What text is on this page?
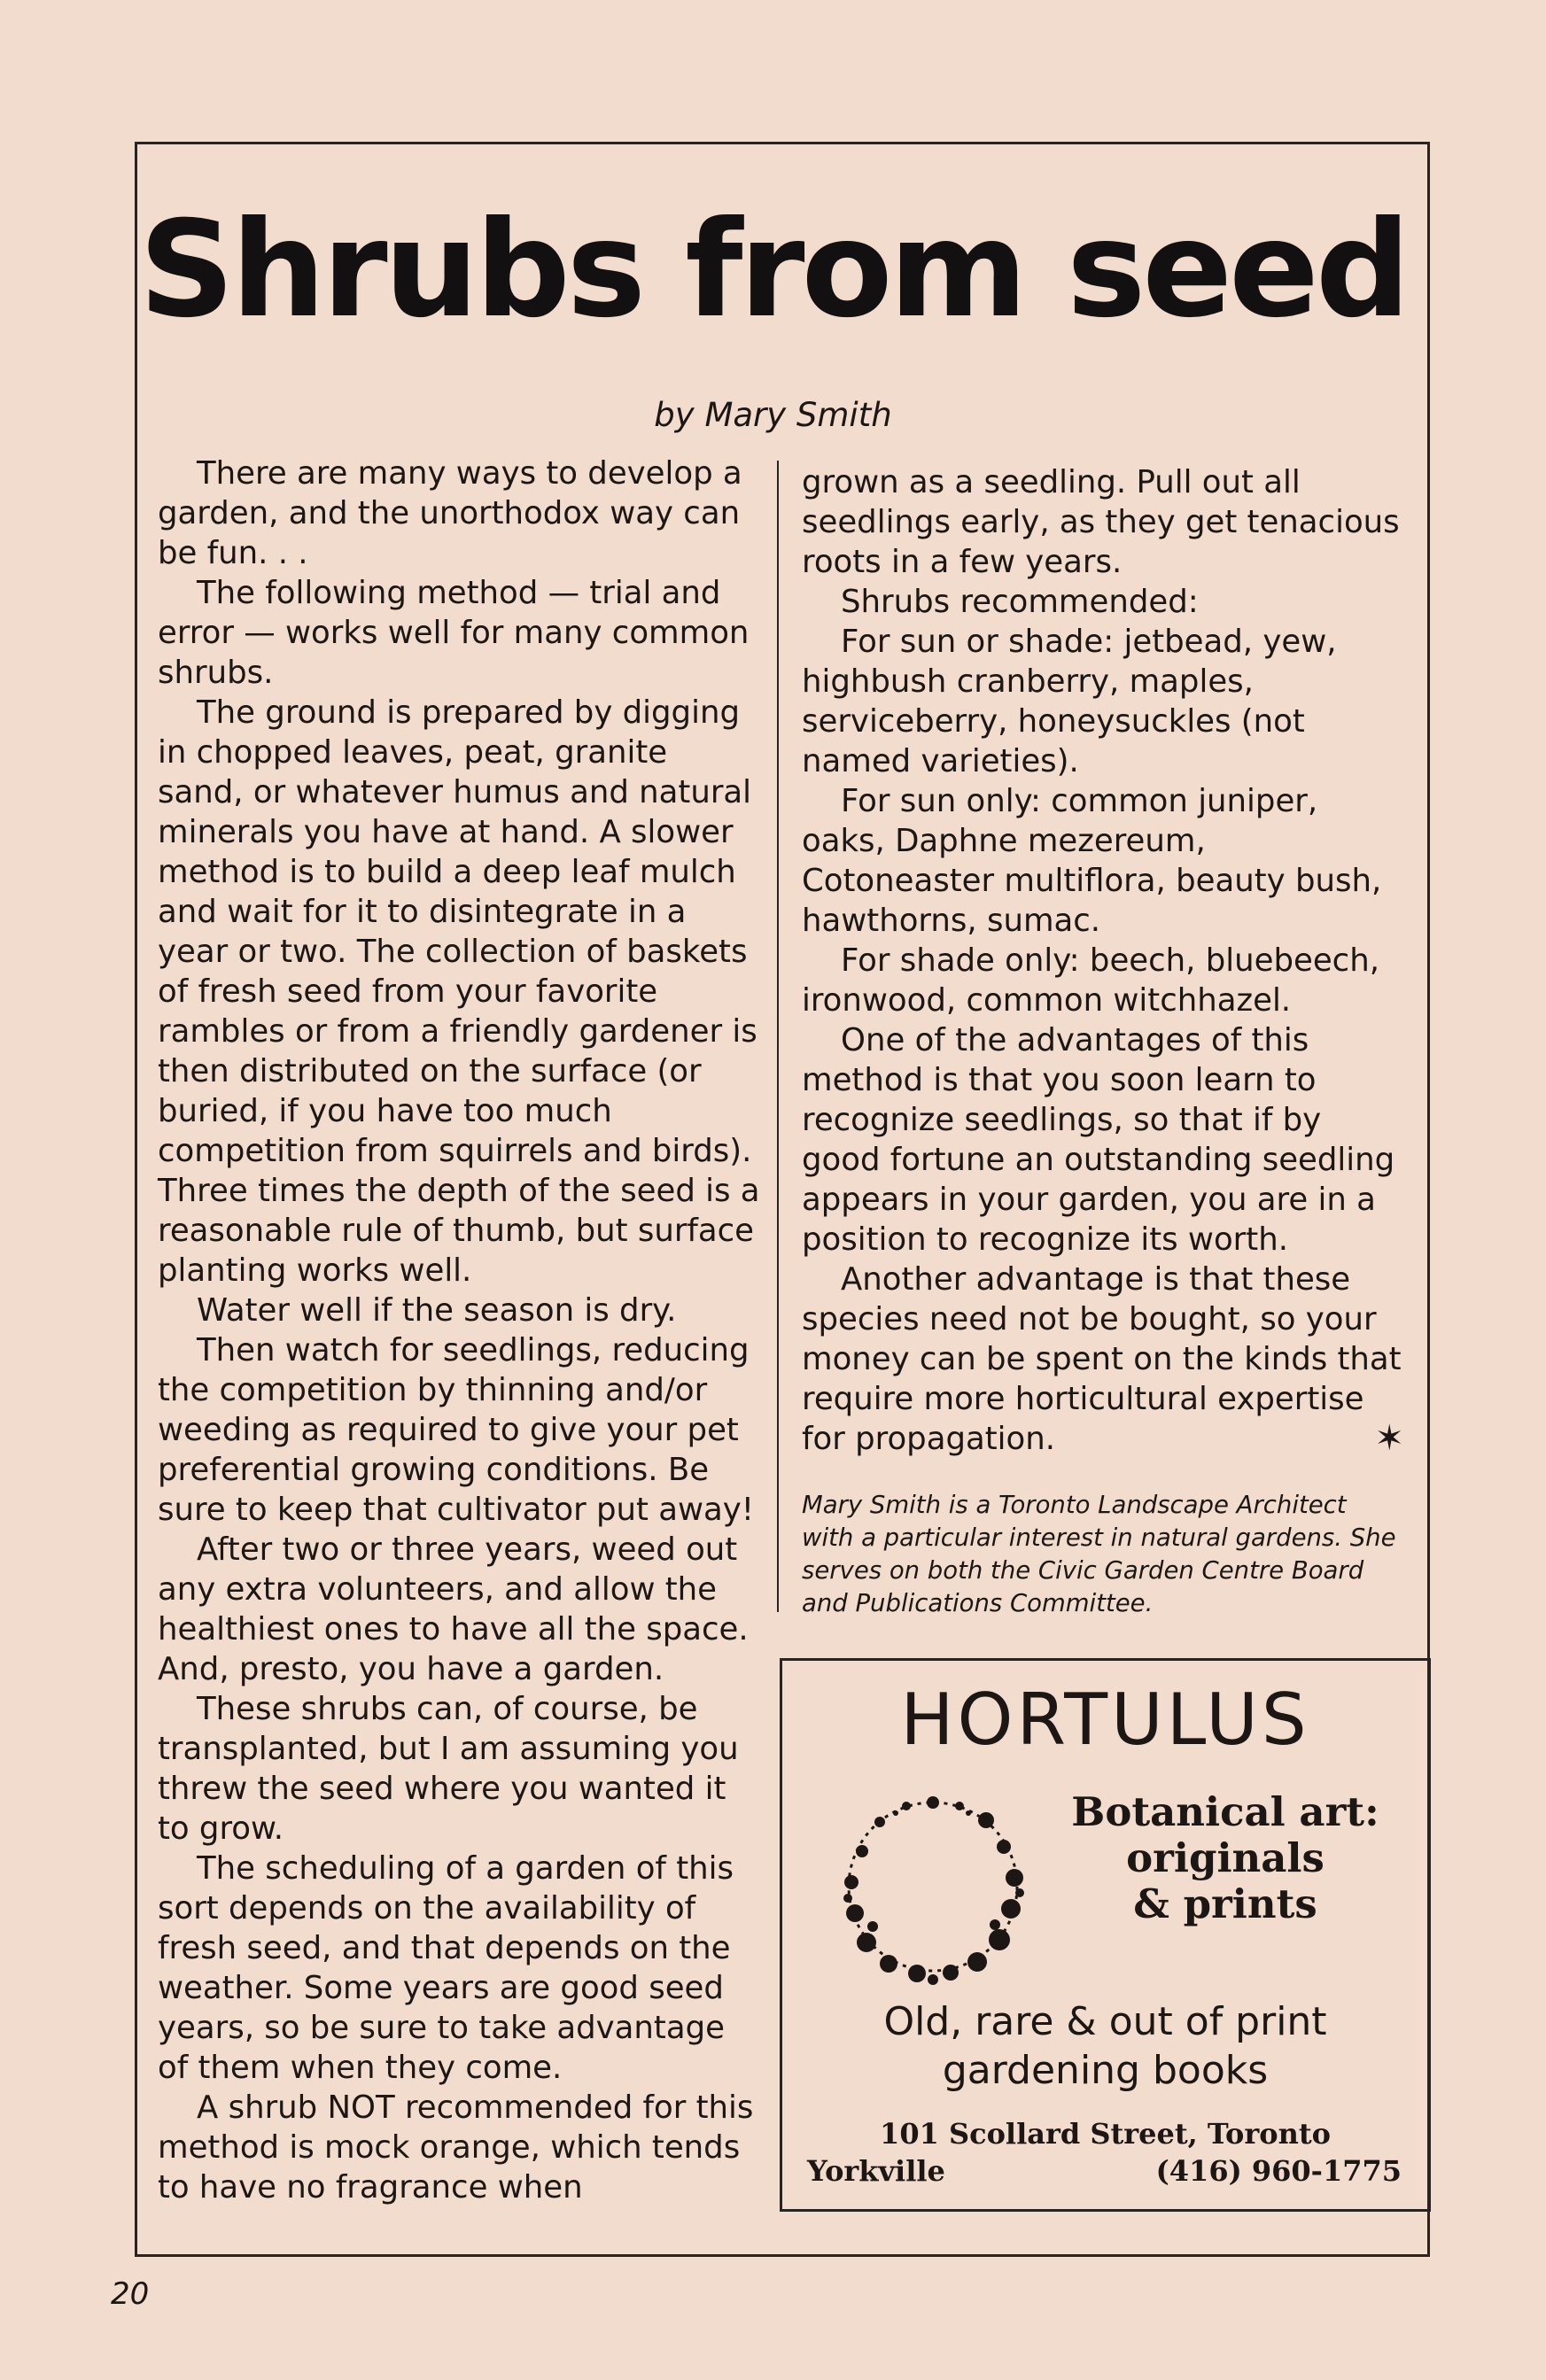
Shrubs from seed
by Mary Smith

There are many ways to develop a garden, and the unorthodox way can be fun. . .

The following method — trial and error — works well for many common shrubs.

The ground is prepared by digging in chopped leaves, peat, granite sand, or whatever humus and natural minerals you have at hand. A slower method is to build a deep leaf mulch and wait for it to disintegrate in a year or two. The collection of baskets of fresh seed from your favorite rambles or from a friendly gardener is then distributed on the surface (or buried, if you have too much competition from squirrels and birds). Three times the depth of the seed is a reasonable rule of thumb, but surface planting works well.

Water well if the season is dry.

Then watch for seedlings, reducing the competition by thinning and/or weeding as required to give your pet preferential growing conditions. Be sure to keep that cultivator put away!

After two or three years, weed out any extra volunteers, and allow the healthiest ones to have all the space. And, presto, you have a garden.

These shrubs can, of course, be transplanted, but I am assuming you threw the seed where you wanted it to grow.

The scheduling of a garden of this sort depends on the availability of fresh seed, and that depends on the weather. Some years are good seed years, so be sure to take advantage of them when they come.

A shrub NOT recommended for this method is mock orange, which tends to have no fragrance when

grown as a seedling. Pull out all seedlings early, as they get tenacious roots in a few years.

Shrubs recommended:

For sun or shade: jetbead, yew, highbush cranberry, maples, serviceberry, honeysuckles (not named varieties).

For sun only: common juniper, oaks, Daphne mezereum, Cotoneaster multiflora, beauty bush, hawthorns, sumac.

For shade only: beech, bluebeech, ironwood, common witchhazel.

One of the advantages of this method is that you soon learn to recognize seedlings, so that if by good fortune an outstanding seedling appears in your garden, you are in a position to recognize its worth.

Another advantage is that these species need not be bought, so your money can be spent on the kinds that require more horticultural expertise for propagation.	✶

Mary Smith is a Toronto Landscape Architect with a particular interest in natural gardens. She serves on both the Civic Garden Centre Board and Publications Committee.
HORTULUS
Botanical art:
originals
& prints
Old, rare & out of print
gardening books
101 Scollard Street, Toronto
Yorkville	(416) 960-1775
20
